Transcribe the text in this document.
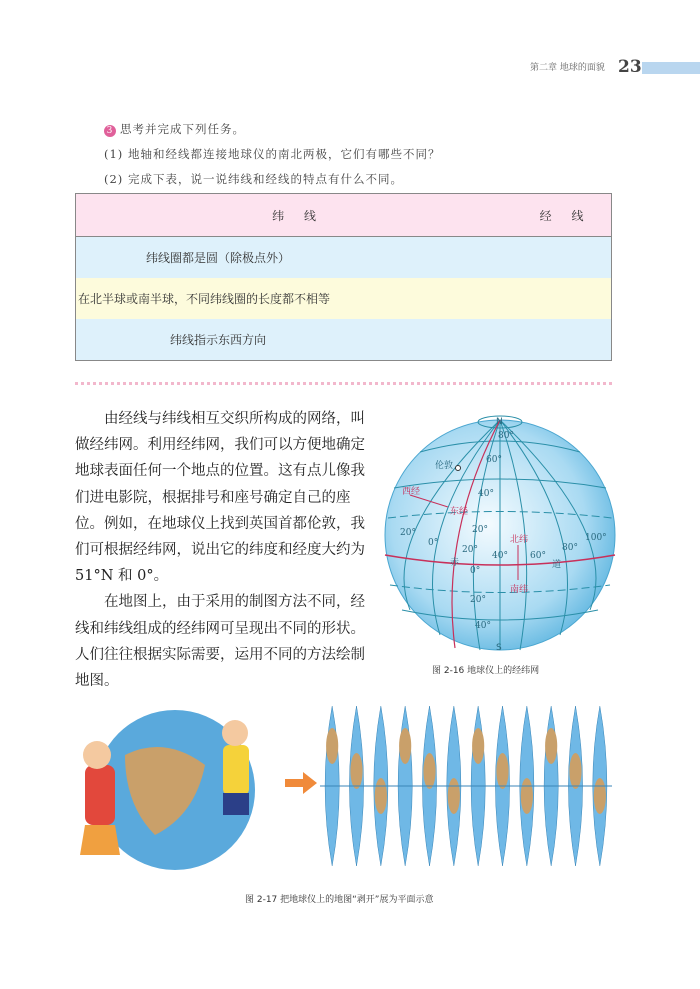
第二章 地球的面貌 23
3 思考并完成下列任务。
(1) 地轴和经线都连接地球仪的南北两极，它们有哪些不同？
(2) 完成下表，说一说纬线和经线的特点有什么不同。
纬 线	经 线
纬线圈都是圆（除极点外）	
在北半球或南半球，不同纬线圈的长度都不相等	
纬线指示东西方向	

由经线与纬线相互交织所构成的网络，叫做经纬网。利用经纬网，我们可以方便地确定地球表面任何一个地点的位置。这有点儿像我们进电影院，根据排号和座号确定自己的座位。例如，在地球仪上找到英国首都伦敦，我们可根据经纬网，说出它的纬度和经度大约为 51°N 和 0°。

在地图上，由于采用的制图方法不同，经线和纬线组成的经纬网可呈现出不同的形状。人们往往根据实际需要，运用不同的方法绘制地图。

N
S
80°
60°
40°
20°
0°
20°
40°
20°
0°
20°
40° 60°
80°
100°
伦敦
赤	道
西经
东经
北纬
南纬
图 2-16 地球仪上的经纬网
图 2-17 把地球仪上的地图“剥开”展为平面示意
